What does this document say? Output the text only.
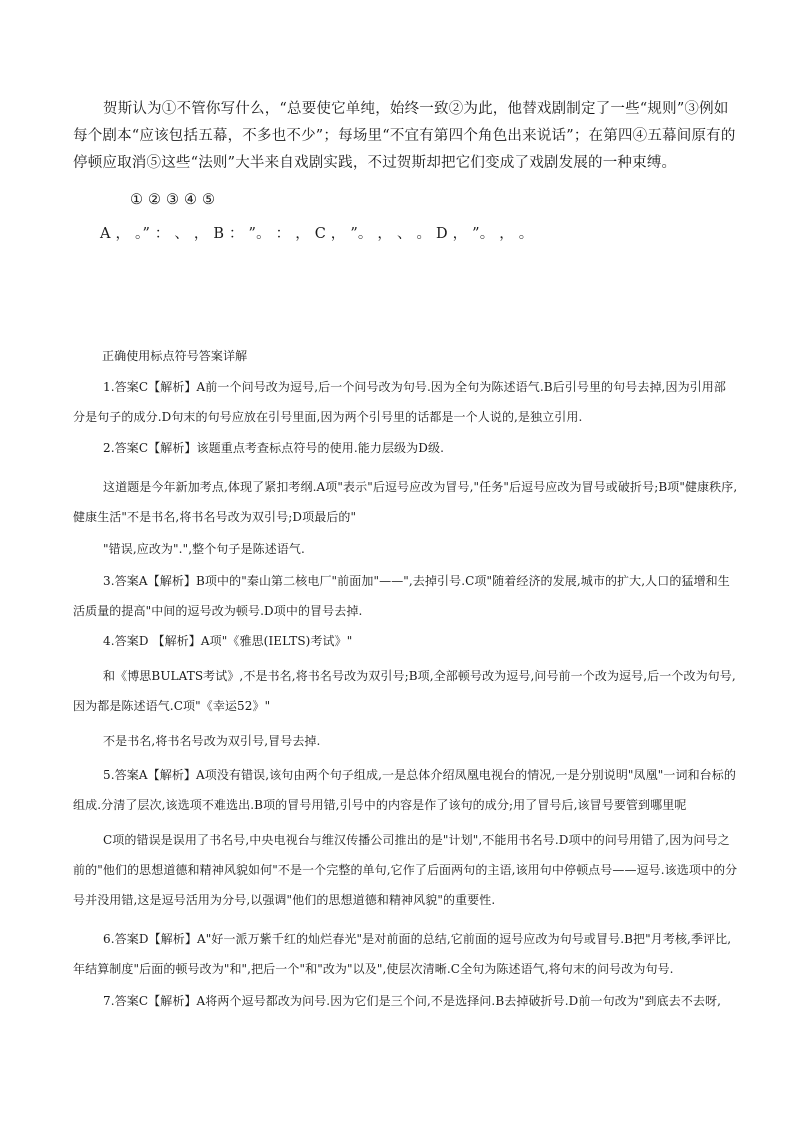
贺斯认为①不管你写什么，“总要使它单纯，始终一致②为此，他替戏剧制定了一些“规则”③例如每个剧本“应该包括五幕，不多也不少”；每场里“不宜有第四个角色出来说话”；在第四④五幕间原有的停顿应取消⑤这些“法则”大半来自戏剧实践，不过贺斯却把它们变成了戏剧发展的一种束缚。

① ② ③ ④ ⑤

A ， 。” ： 、 ， B ： ”。 ： ， C ， ”。 ， 、 。 D ， ”。 ， 。

正确使用标点符号答案详解

1.答案C【解析】A前一个问号改为逗号,后一个问号改为句号.因为全句为陈述语气.B后引号里的句号去掉,因为引用部分是句子的成分.D句末的句号应放在引号里面,因为两个引号里的话都是一个人说的,是独立引用.

2.答案C【解析】该题重点考查标点符号的使用.能力层级为D级.

这道题是今年新加考点,体现了紧扣考纲.A项"表示"后逗号应改为冒号,"任务"后逗号应改为冒号或破折号;B项"健康秩序,健康生活"不是书名,将书名号改为双引号;D项最后的"

"错误,应改为".",整个句子是陈述语气.

3.答案A【解析】B项中的"秦山第二核电厂"前面加"——",去掉引号.C项"随着经济的发展,城市的扩大,人口的猛增和生活质量的提高"中间的逗号改为顿号.D项中的冒号去掉.

4.答案D 【解析】A项"《雅思(IELTS)考试》"

和《博思BULATS考试》,不是书名,将书名号改为双引号;B项,全部顿号改为逗号,问号前一个改为逗号,后一个改为句号,因为都是陈述语气.C项"《幸运52》"

不是书名,将书名号改为双引号,冒号去掉.

5.答案A【解析】A项没有错误,该句由两个句子组成,一是总体介绍凤凰电视台的情况,一是分别说明"凤凰"一词和台标的组成.分清了层次,该选项不难选出.B项的冒号用错,引号中的内容是作了该句的成分;用了冒号后,该冒号要管到哪里呢

C项的错误是误用了书名号,中央电视台与维汉传播公司推出的是"计划",不能用书名号.D项中的问号用错了,因为问号之前的"他们的思想道德和精神风貌如何"不是一个完整的单句,它作了后面两句的主语,该用句中停顿点号——逗号.该选项中的分号并没用错,这是逗号活用为分号,以强调"他们的思想道德和精神风貌"的重要性.

6.答案D【解析】A"好一派万紫千红的灿烂春光"是对前面的总结,它前面的逗号应改为句号或冒号.B把"月考核,季评比,年结算制度"后面的顿号改为"和",把后一个"和"改为"以及",使层次清晰.C全句为陈述语气,将句末的问号改为句号.

7.答案C【解析】A将两个逗号都改为问号.因为它们是三个问,不是选择问.B去掉破折号.D前一句改为"到底去不去呀,
